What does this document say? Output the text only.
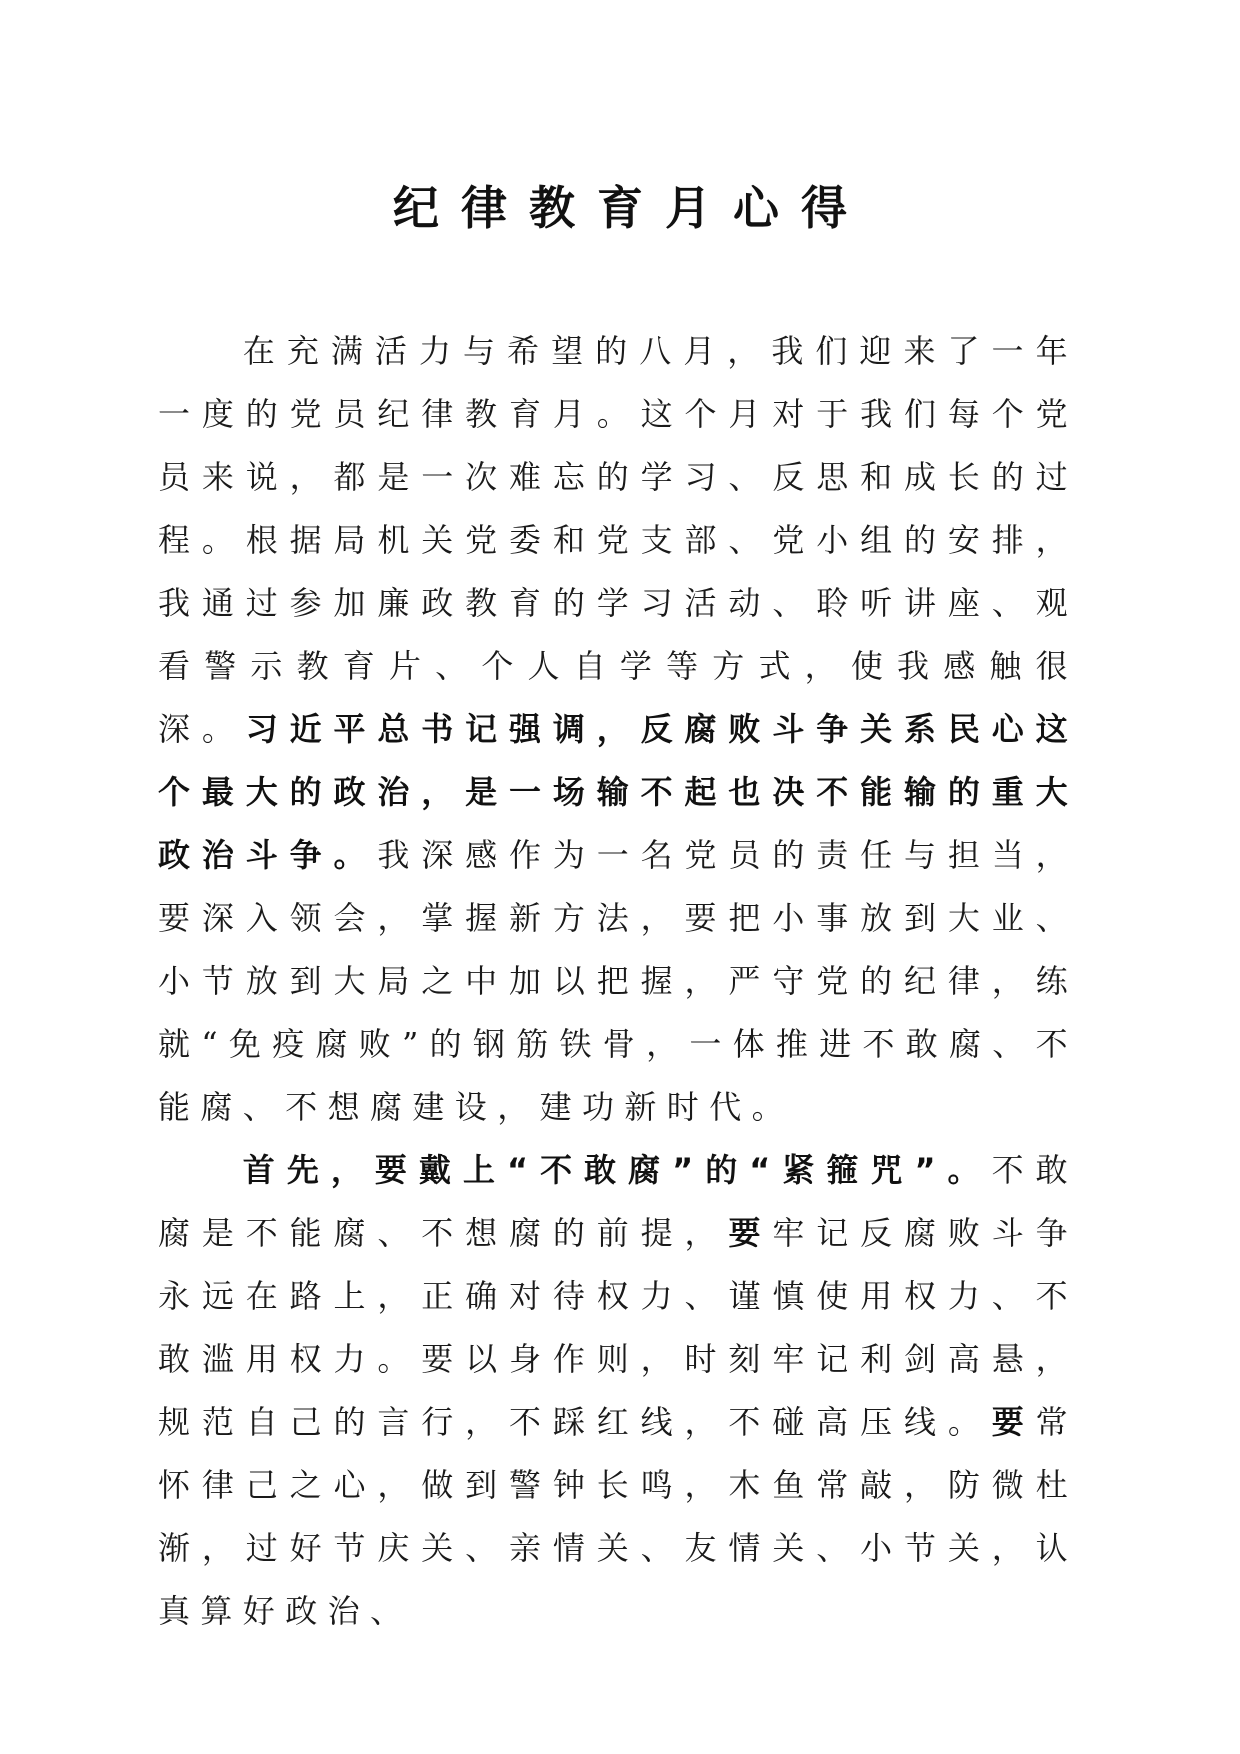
纪律教育月心得

在充满活力与希望的八月，我们迎来了一年一度的党员纪律教育月。这个月对于我们每个党员来说，都是一次难忘的学习、反思和成长的过程。根据局机关党委和党支部、党小组的安排，我通过参加廉政教育的学习活动、聆听讲座、观看警示教育片、个人自学等方式，使我感触很深。习近平总书记强调，反腐败斗争关系民心这个最大的政治，是一场输不起也决不能输的重大政治斗争。我深感作为一名党员的责任与担当，要深入领会，掌握新方法，要把小事放到大业、小节放到大局之中加以把握，严守党的纪律，练就“免疫腐败”的钢筋铁骨，一体推进不敢腐、不能腐、不想腐建设，建功新时代。

首先，要戴上“不敢腐”的“紧箍咒”。不敢腐是不能腐、不想腐的前提，要牢记反腐败斗争永远在路上，正确对待权力、谨慎使用权力、不敢滥用权力。要以身作则，时刻牢记利剑高悬，规范自己的言行，不踩红线，不碰高压线。要常怀律己之心，做到警钟长鸣，木鱼常敲，防微杜渐，过好节庆关、亲情关、友情关、小节关，认真算好政治、
